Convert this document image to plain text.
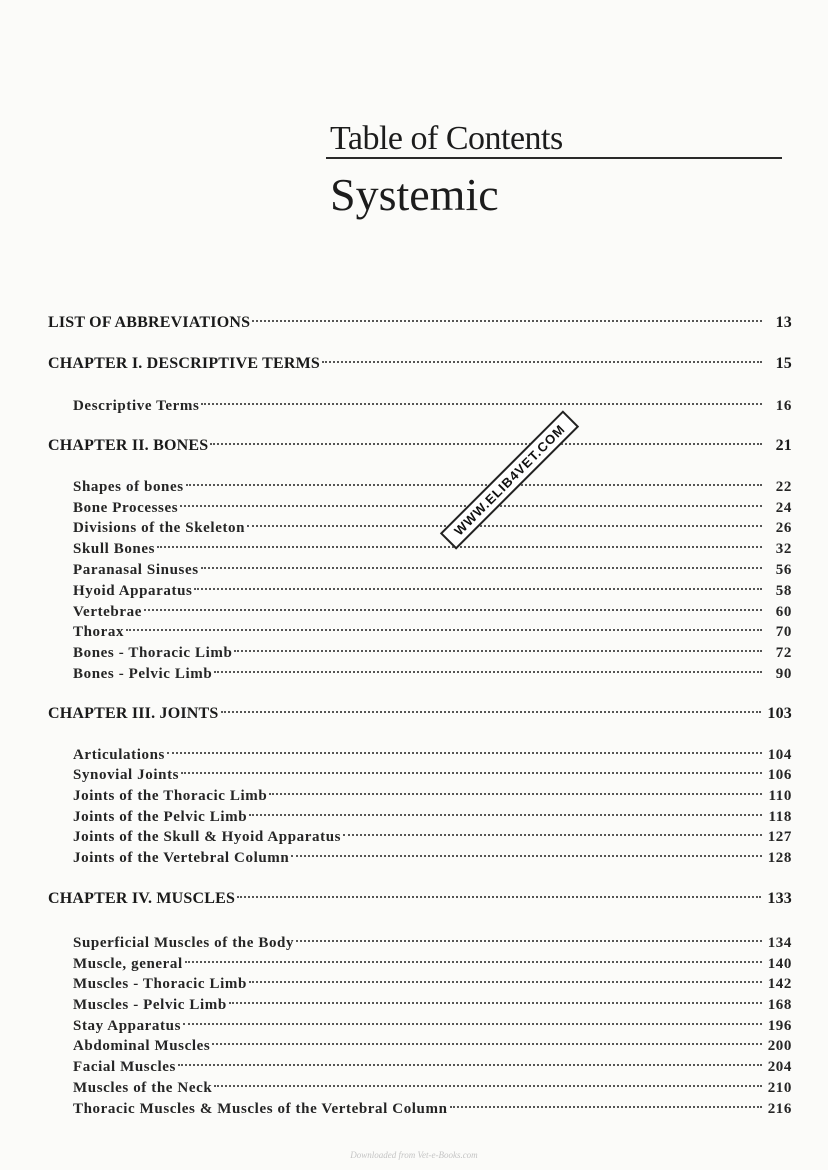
Table of Contents
Systemic
LIST OF ABBREVIATIONS	13
CHAPTER I. DESCRIPTIVE TERMS	15
Descriptive Terms	16
CHAPTER II. BONES	21
Shapes of bones	22
Bone Processes	24
Divisions of the Skeleton	26
Skull Bones	32
Paranasal Sinuses	56
Hyoid Apparatus	58
Vertebrae	60
Thorax	70
Bones - Thoracic Limb	72
Bones - Pelvic Limb	90
CHAPTER III. JOINTS	103
Articulations	104
Synovial Joints	106
Joints of the Thoracic Limb	110
Joints of the Pelvic Limb	118
Joints of the Skull & Hyoid Apparatus	127
Joints of the Vertebral Column	128
CHAPTER IV. MUSCLES	133
Superficial Muscles of the Body	134
Muscle, general	140
Muscles - Thoracic Limb	142
Muscles - Pelvic Limb	168
Stay Apparatus	196
Abdominal Muscles	200
Facial Muscles	204
Muscles of the Neck	210
Thoracic Muscles & Muscles of the Vertebral Column	216
WWW.ELIB4VET.COM
Downloaded from Vet-e-Books.com
